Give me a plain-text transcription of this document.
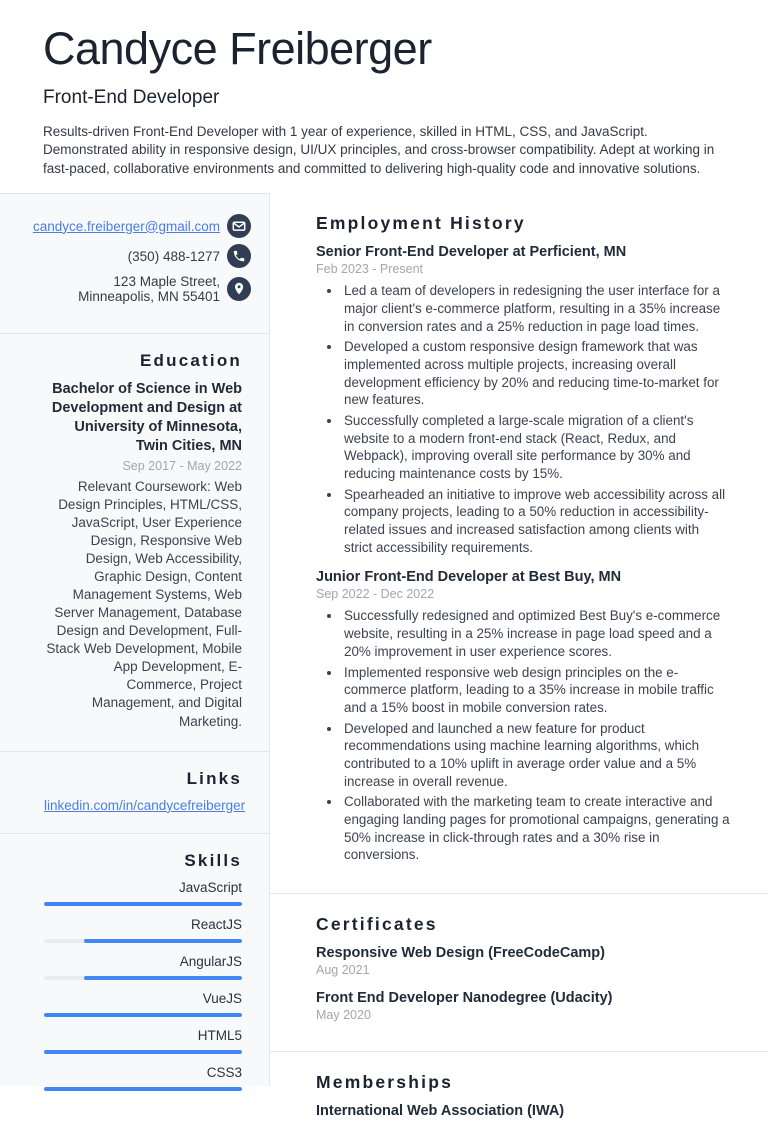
Candyce Freiberger
Front-End Developer
Results-driven Front-End Developer with 1 year of experience, skilled in HTML, CSS, and JavaScript. Demonstrated ability in responsive design, UI/UX principles, and cross-browser compatibility. Adept at working in fast-paced, collaborative environments and committed to delivering high-quality code and innovative solutions.
candyce.freiberger@gmail.com
(350) 488-1277
123 Maple Street, Minneapolis, MN 55401
Education
Bachelor of Science in Web Development and Design at University of Minnesota, Twin Cities, MN
Sep 2017 - May 2022
Relevant Coursework: Web Design Principles, HTML/CSS, JavaScript, User Experience Design, Responsive Web Design, Web Accessibility, Graphic Design, Content Management Systems, Web Server Management, Database Design and Development, Full-Stack Web Development, Mobile App Development, E-Commerce, Project Management, and Digital Marketing.
Links
linkedin.com/in/candycefreiberger
Skills
JavaScript
ReactJS
AngularJS
VueJS
HTML5
CSS3
Employment History
Senior Front-End Developer at Perficient, MN
Feb 2023 - Present
• Led a team of developers in redesigning the user interface for a major client's e-commerce platform, resulting in a 35% increase in conversion rates and a 25% reduction in page load times.
• Developed a custom responsive design framework that was implemented across multiple projects, increasing overall development efficiency by 20% and reducing time-to-market for new features.
• Successfully completed a large-scale migration of a client's website to a modern front-end stack (React, Redux, and Webpack), improving overall site performance by 30% and reducing maintenance costs by 15%.
• Spearheaded an initiative to improve web accessibility across all company projects, leading to a 50% reduction in accessibility-related issues and increased satisfaction among clients with strict accessibility requirements.
Junior Front-End Developer at Best Buy, MN
Sep 2022 - Dec 2022
• Successfully redesigned and optimized Best Buy's e-commerce website, resulting in a 25% increase in page load speed and a 20% improvement in user experience scores.
• Implemented responsive web design principles on the e-commerce platform, leading to a 35% increase in mobile traffic and a 15% boost in mobile conversion rates.
• Developed and launched a new feature for product recommendations using machine learning algorithms, which contributed to a 10% uplift in average order value and a 5% increase in overall revenue.
• Collaborated with the marketing team to create interactive and engaging landing pages for promotional campaigns, generating a 50% increase in click-through rates and a 30% rise in conversions.
Certificates
Responsive Web Design (FreeCodeCamp)
Aug 2021
Front End Developer Nanodegree (Udacity)
May 2020
Memberships
International Web Association (IWA)
